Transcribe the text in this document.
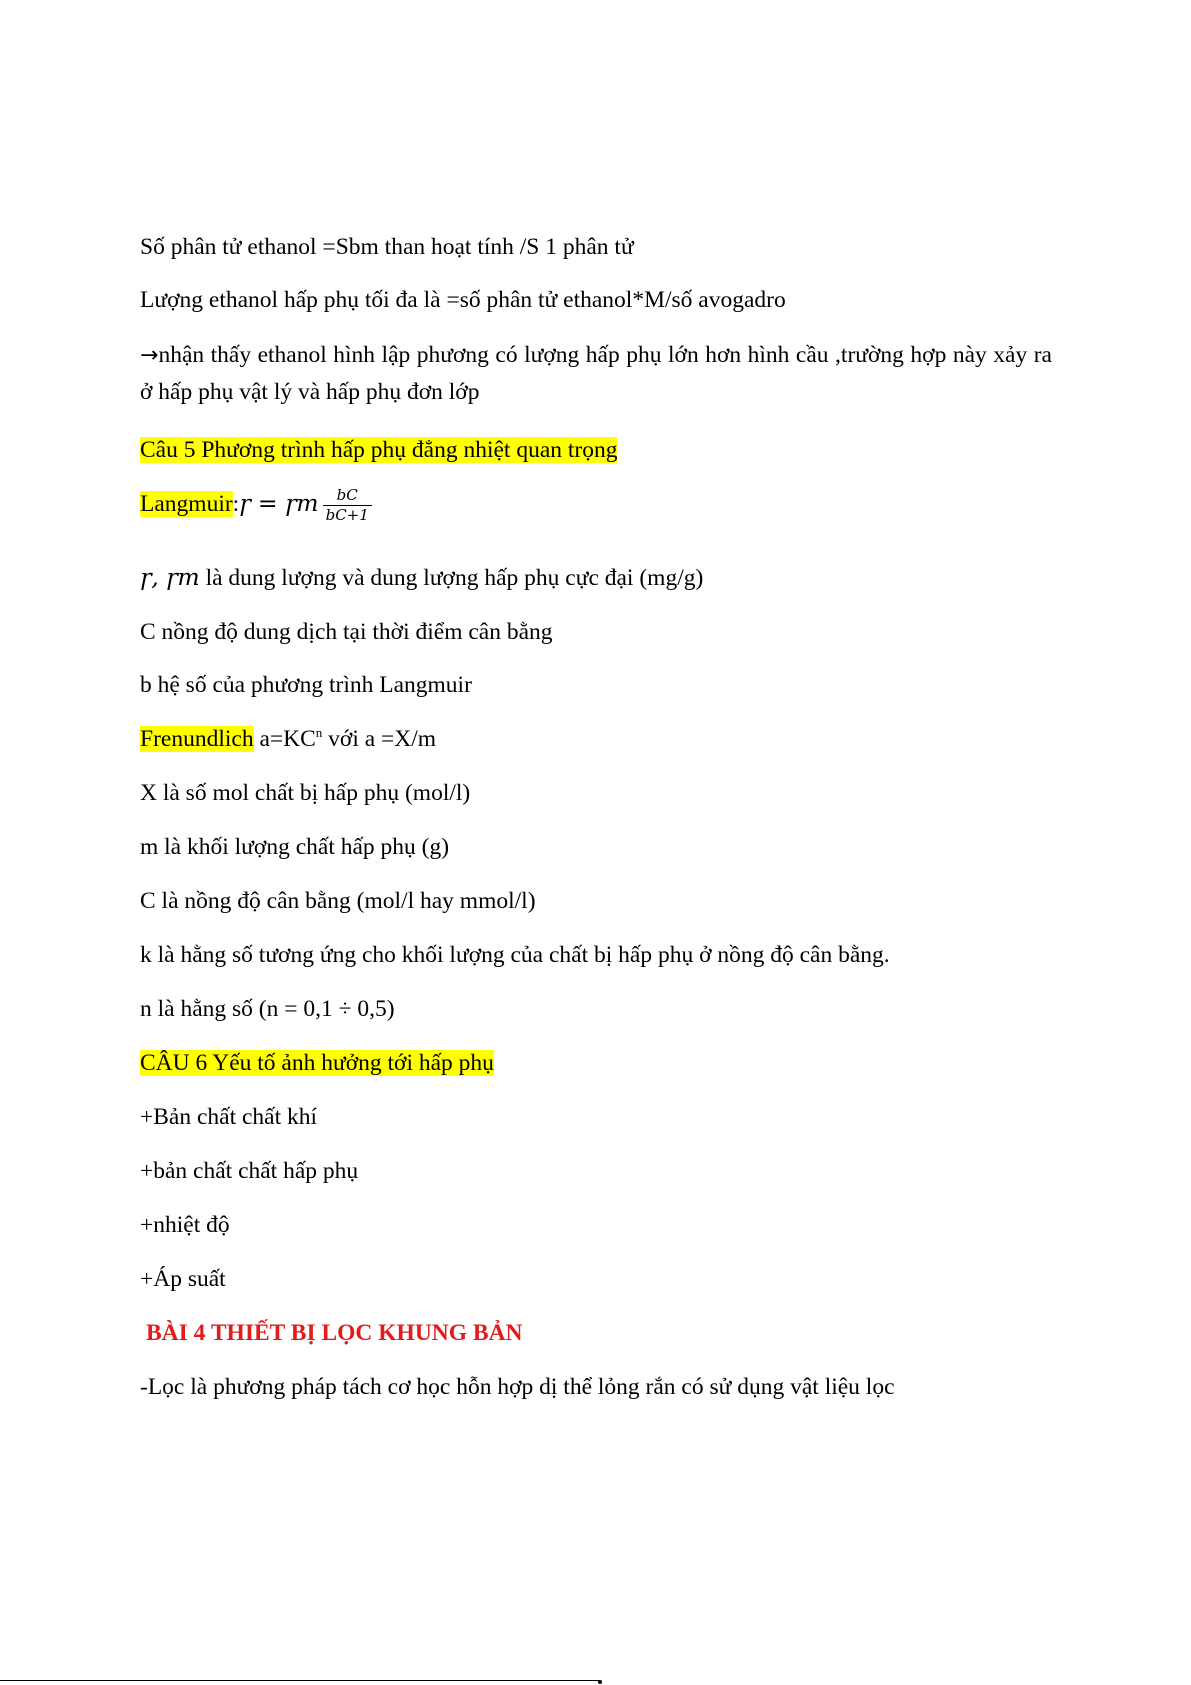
Số phân tử ethanol =Sbm than hoạt tính /S 1 phân tử
Lượng ethanol hấp phụ tối đa là =số phân tử ethanol*M/số avogadro
→nhận thấy ethanol hình lập phương có lượng hấp phụ lớn hơn hình cầu ,trường hợp này xảy ra ở hấp phụ vật lý và hấp phụ đơn lớp
Câu 5 Phương trình hấp phụ đẳng nhiệt quan trọng
Langmuir:ɼ = ɼm $\frac{bC}{bC+1}$
ɼ, ɼm là dung lượng và dung lượng hấp phụ cực đại (mg/g)
C nồng độ dung dịch tại thời điểm cân bằng
b hệ số của phương trình Langmuir
Frenundlich $a=KC^n$ với a =X/m
X là số mol chất bị hấp phụ (mol/l)
m là khối lượng chất hấp phụ (g)
C là nồng độ cân bằng (mol/l hay mmol/l)
k là hằng số tương ứng cho khối lượng của chất bị hấp phụ ở nồng độ cân bằng.
n là hằng số (n = 0,1 ÷ 0,5)
CÂU 6 Yếu tố ảnh hưởng tới hấp phụ
+Bản chất chất khí
+bản chất chất hấp phụ
+nhiệt độ
+Áp suất
BÀI 4 THIẾT BỊ LỌC KHUNG BẢN
-Lọc là phương pháp tách cơ học hỗn hợp dị thể lỏng rắn có sử dụng vật liệu lọc
